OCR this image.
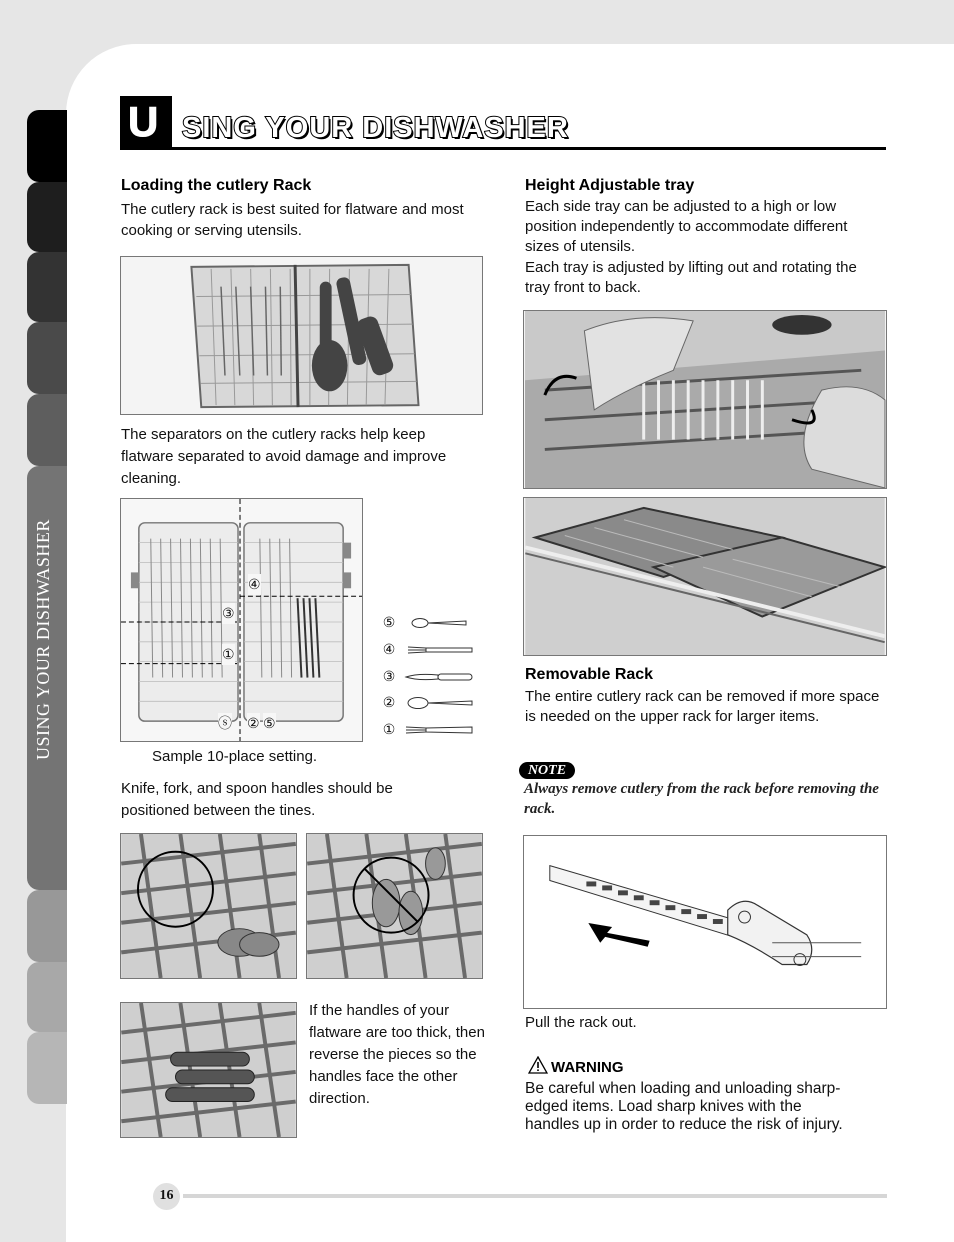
USING YOUR DISHWASHER
U SING YOUR DISHWASHER
Loading the cutlery Rack
The cutlery rack is best suited for flatware and most cooking or serving utensils.
The separators on the cutlery racks help keep flatware separated to avoid damage and improve cleaning.
④
③
①
ⓢ ② ⑤
⑤
④
③
②
①
Sample 10-place setting.
Knife, fork, and spoon handles should be positioned between the tines.
If the handles of your flatware are too thick, then reverse the pieces so the handles face the other direction.
Height Adjustable tray
Each side tray can be adjusted to a high or low position independently to accommodate different sizes of utensils.
Each tray is adjusted by lifting out and rotating the tray front to back.
Removable Rack
The entire cutlery rack can be removed if more space is needed on the upper rack for larger items.
NOTE
Always remove cutlery from the rack before removing the rack.
Pull the rack out.
WARNING
Be careful when loading and unloading sharp-edged items. Load sharp knives with the handles up in order to reduce the risk of injury.
16
